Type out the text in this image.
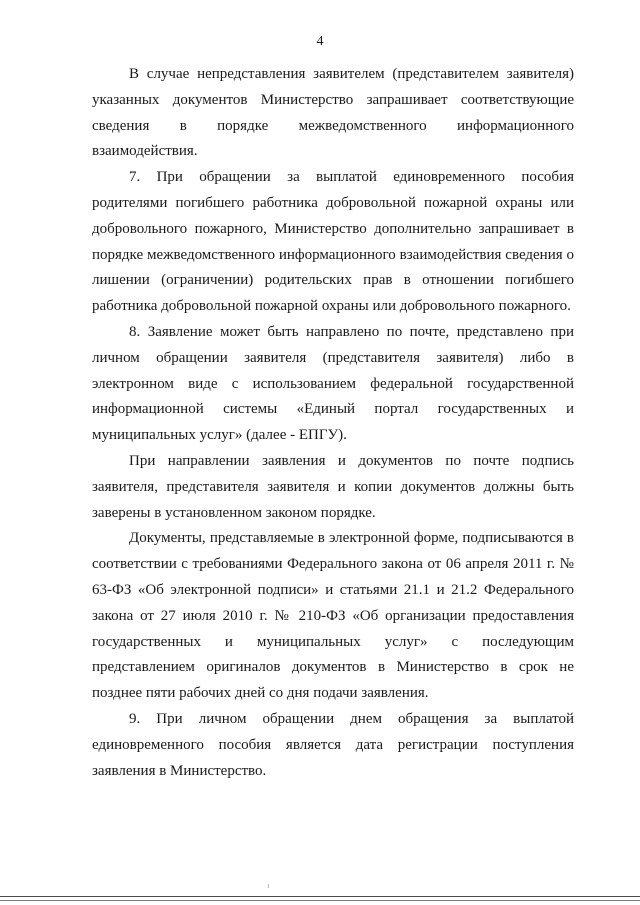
4

В случае непредставления заявителем (представителем заявителя) указанных документов Министерство запрашивает соответствующие сведения в порядке межведомственного информационного взаимодействия.

7. При обращении за выплатой единовременного пособия родителями погибшего работника добровольной пожарной охраны или добровольного пожарного, Министерство дополнительно запрашивает в порядке межведомственного информационного взаимодействия сведения о лишении (ограничении) родительских прав в отношении погибшего работника добровольной пожарной охраны или добровольного пожарного.

8. Заявление может быть направлено по почте, представлено при личном обращении заявителя (представителя заявителя) либо в электронном виде с использованием федеральной государственной информационной системы «Единый портал государственных и муниципальных услуг» (далее - ЕПГУ).

При направлении заявления и документов по почте подпись заявителя, представителя заявителя и копии документов должны быть заверены в установленном законом порядке.

Документы, представляемые в электронной форме, подписываются в соответствии с требованиями Федерального закона от 06 апреля 2011 г. № 63-ФЗ «Об электронной подписи» и статьями 21.1 и 21.2 Федерального закона от 27 июля 2010 г. № 210-ФЗ «Об организации предоставления государственных и муниципальных услуг» с последующим представлением оригиналов документов в Министерство в срок не позднее пяти рабочих дней со дня подачи заявления.

9. При личном обращении днем обращения за выплатой единовременного пособия является дата регистрации поступления заявления в Министерство.
